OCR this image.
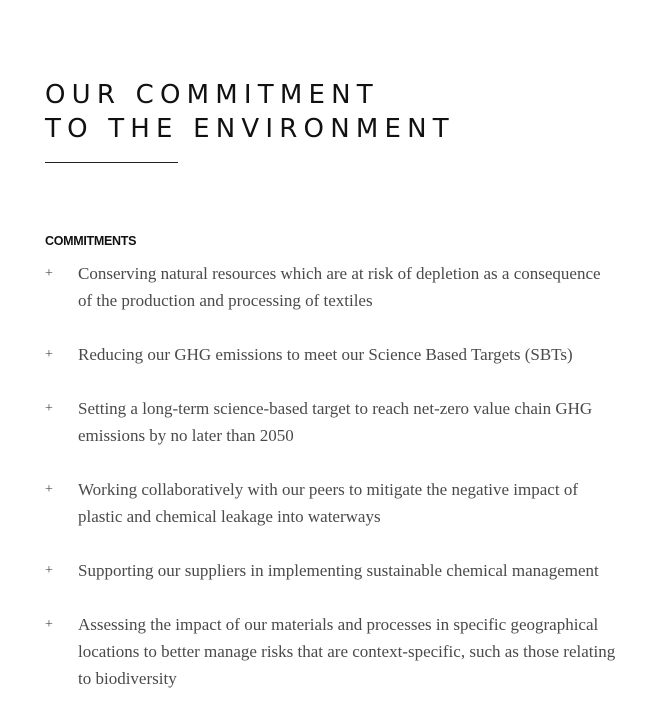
OUR COMMITMENT
TO THE ENVIRONMENT
COMMITMENTS
+ Conserving natural resources which are at risk of depletion as a consequence
of the production and processing of textiles
+ Reducing our GHG emissions to meet our Science Based Targets (SBTs)
+ Setting a long-term science-based target to reach net-zero value chain GHG
emissions by no later than 2050
+ Working collaboratively with our peers to mitigate the negative impact of
plastic and chemical leakage into waterways
+ Supporting our suppliers in implementing sustainable chemical management
+ Assessing the impact of our materials and processes in specific geographical
locations to better manage risks that are context-specific, such as those relating
to biodiversity
